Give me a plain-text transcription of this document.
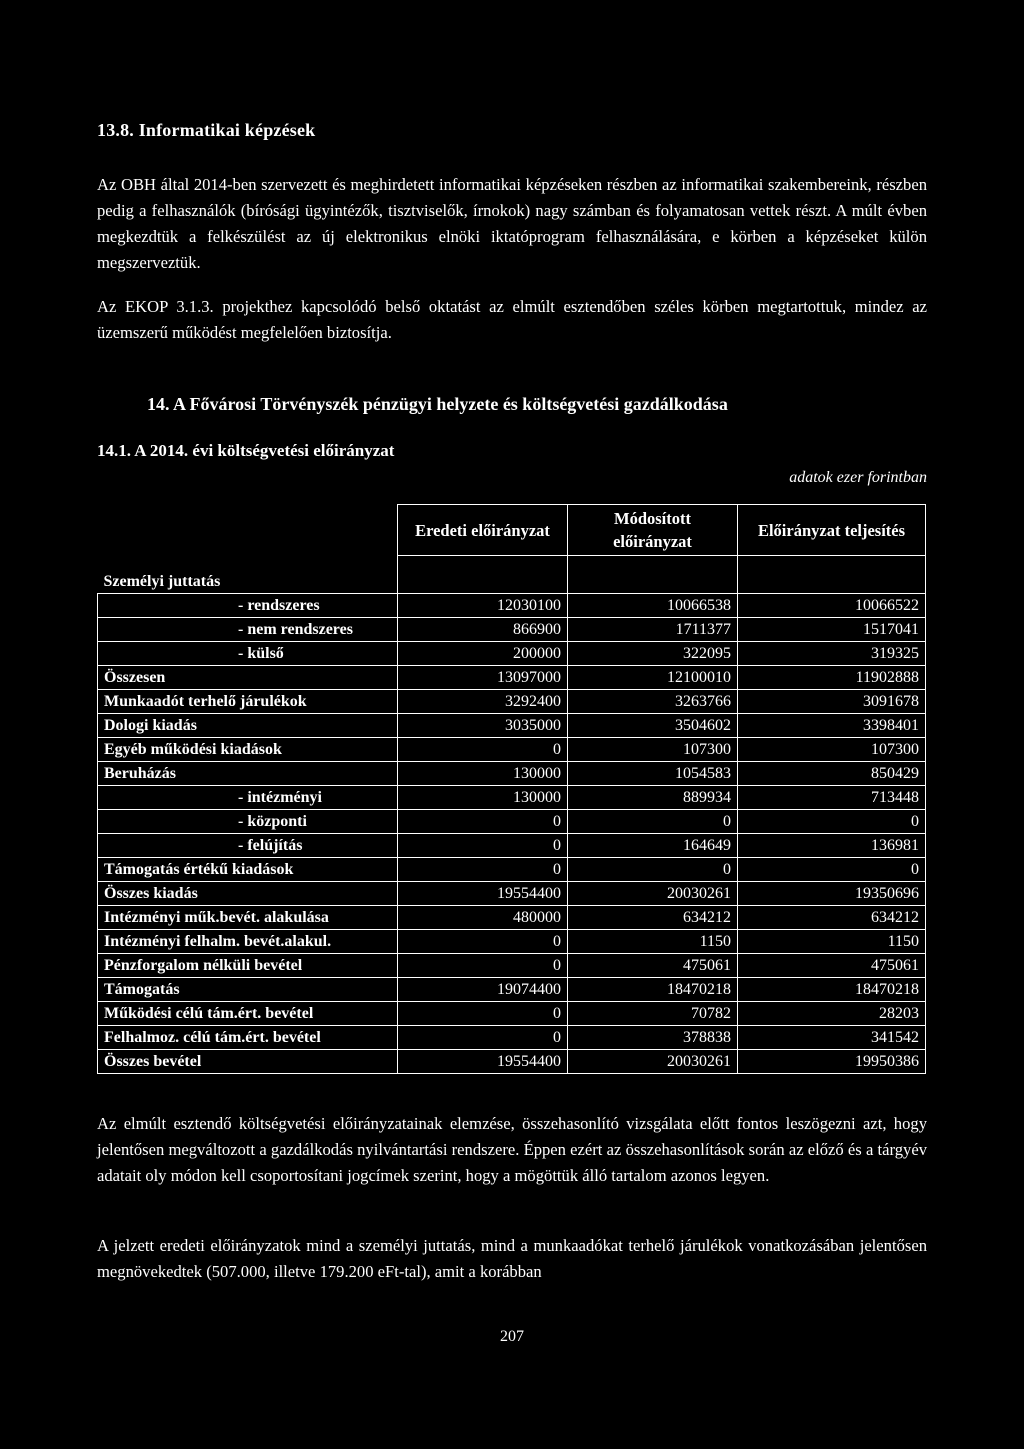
13.8. Informatikai képzések
Az OBH által 2014-ben szervezett és meghirdetett informatikai képzéseken részben az informatikai szakembereink, részben pedig a felhasználók (bírósági ügyintézők, tisztviselők, írnokok) nagy számban és folyamatosan vettek részt. A múlt évben megkezdtük a felkészülést az új elektronikus elnöki iktatóprogram felhasználására, e körben a képzéseket külön megszerveztük.
Az EKOP 3.1.3. projekthez kapcsolódó belső oktatást az elmúlt esztendőben széles körben megtartottuk, mindez az üzemszerű működést megfelelően biztosítja.
14. A Fővárosi Törvényszék pénzügyi helyzete és költségvetési gazdálkodása
14.1. A 2014. évi költségvetési előirányzat
adatok ezer forintban
	Eredeti előirányzat	Módosított előirányzat	Előirányzat teljesítés

Személyi juttatás			
- rendszeres	12030100	10066538	10066522
- nem rendszeres	866900	1711377	1517041
- külső	200000	322095	319325
Összesen	13097000	12100010	11902888
Munkaadót terhelő járulékok	3292400	3263766	3091678
Dologi kiadás	3035000	3504602	3398401
Egyéb működési kiadások	0	107300	107300
Beruházás	130000	1054583	850429
- intézményi	130000	889934	713448
- központi	0	0	0
- felújítás	0	164649	136981
Támogatás értékű kiadások	0	0	0
Összes kiadás	19554400	20030261	19350696
Intézményi műk.bevét. alakulása	480000	634212	634212
Intézményi felhalm. bevét.alakul.	0	1150	1150
Pénzforgalom nélküli bevétel	0	475061	475061
Támogatás	19074400	18470218	18470218
Működési célú tám.ért. bevétel	0	70782	28203
Felhalmoz. célú tám.ért. bevétel	0	378838	341542
Összes bevétel	19554400	20030261	19950386
Az elmúlt esztendő költségvetési előirányzatainak elemzése, összehasonlító vizsgálata előtt fontos leszögezni azt, hogy jelentősen megváltozott a gazdálkodás nyilvántartási rendszere. Éppen ezért az összehasonlítások során az előző és a tárgyév adatait oly módon kell csoportosítani jogcímek szerint, hogy a mögöttük álló tartalom azonos legyen.
A jelzett eredeti előirányzatok mind a személyi juttatás, mind a munkaadókat terhelő járulékok vonatkozásában jelentősen megnövekedtek (507.000, illetve 179.200 eFt-tal), amit a korábban
207
